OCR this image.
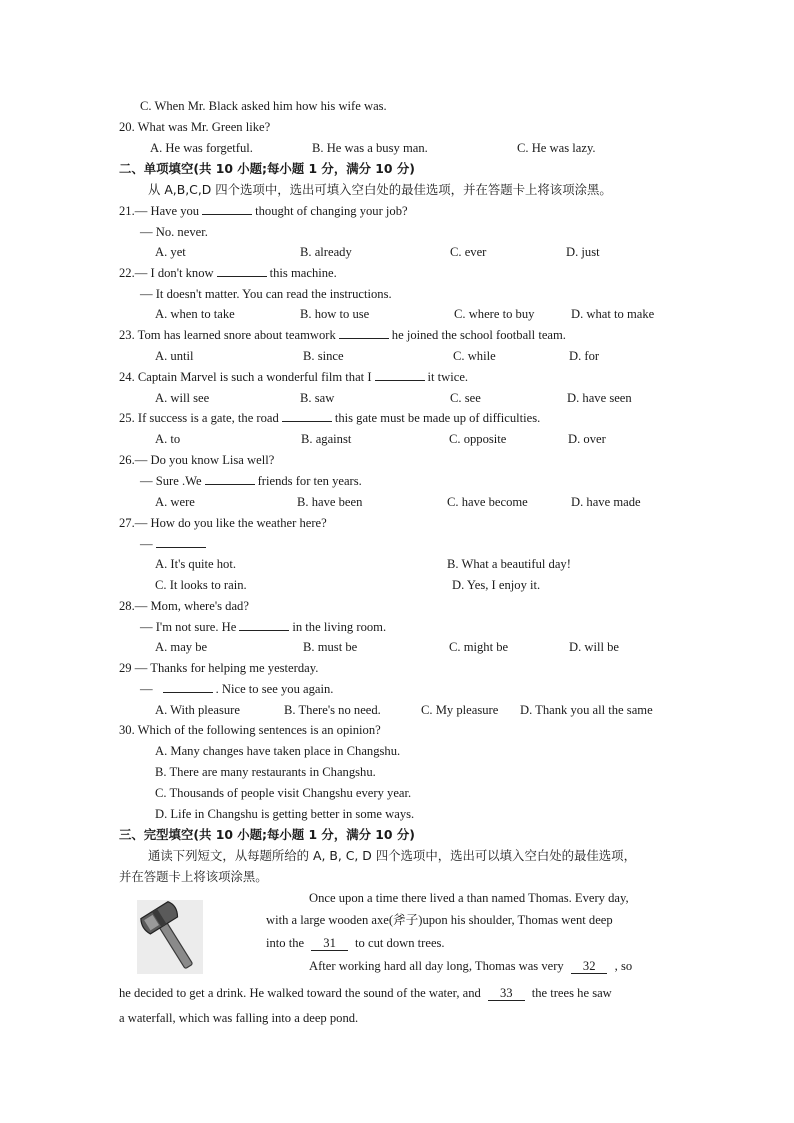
C. When Mr. Black asked him how his wife was.
20. What was Mr. Green like?
A. He was forgetful.	B. He was a busy man.	C. He was lazy.
二、单项填空(共 10 小题;每小题 1 分，满分 10 分)
从 A,B,C,D 四个选项中，选出可填入空白处的最佳选项，并在答题卡上将该项涂黑。
21.— Have you	thought of changing your job?
— No. never.
A. yet	B. already	C. ever	D. just
22.— I don't know	this machine.
— It doesn't matter. You can read the instructions.
A. when to take	B. how to use	C. where to buy	D. what to make
23. Tom has learned snore about teamwork	he joined the school football team.
A. until	B. since	C. while	D. for
24. Captain Marvel is such a wonderful film that I	it twice.
A. will see	B. saw	C. see	D. have seen
25. If success is a gate, the road	this gate must be made up of difficulties.
A. to	B. against	C. opposite	D. over
26.— Do you know Lisa well?
— Sure .We	friends for ten years.
A. were	B. have been	C. have become	D. have made
27.— How do you like the weather here?
—
A. It's quite hot.	B. What a beautiful day!
C. It looks to rain.	D. Yes, I enjoy it.
28.— Mom, where's dad?
— I'm not sure. He	in the living room.
A. may be	B. must be	C. might be	D. will be
29 — Thanks for helping me yesterday.
—	. Nice to see you again.
A. With pleasure	B. There's no need.	C. My pleasure D. Thank you all the same
30. Which of the following sentences is an opinion?
A. Many changes have taken place in Changshu.
B. There are many restaurants in Changshu.
C. Thousands of people visit Changshu every year.
D. Life in Changshu is getting better in some ways.
三、完型填空(共 10 小题;每小题 1 分，满分 10 分)
通读下列短文，从每题所给的 A, B, C, D 四个选项中，选出可以填入空白处的最佳选项，
并在答题卡上将该项涂黑。
Once upon a time there lived a than named Thomas. Every day,
with a large wooden axe(斧子)upon his shoulder, Thomas went deep
into the 31 to cut down trees.
After working hard all day long, Thomas was very 32 , so
he decided to get a drink. He walked toward the sound of the water, and 33 the trees he saw
a waterfall, which was falling into a deep pond.
